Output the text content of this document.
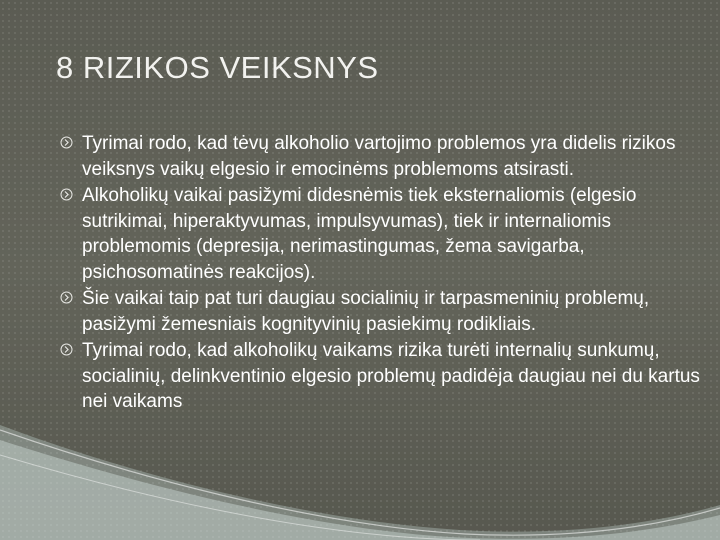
8 RIZIKOS VEIKSNYS
Tyrimai rodo, kad tėvų alkoholio vartojimo problemos yra didelis rizikos veiksnys vaikų elgesio ir emocinėms problemoms atsirasti.
Alkoholikų vaikai pasižymi didesnėmis tiek eksternaliomis (elgesio sutrikimai, hiperaktyvumas, impulsyvumas), tiek ir internaliomis problemomis (depresija, nerimastingumas, žema savigarba, psichosomatinės reakcijos).
Šie vaikai taip pat turi daugiau socialinių ir tarpasmeninių problemų, pasižymi žemesniais kognityvinių pasiekimų rodikliais.
Tyrimai rodo, kad alkoholikų vaikams rizika turėti internalių sunkumų, socialinių, delinkventinio elgesio problemų padidėja daugiau nei du kartus nei vaikams
